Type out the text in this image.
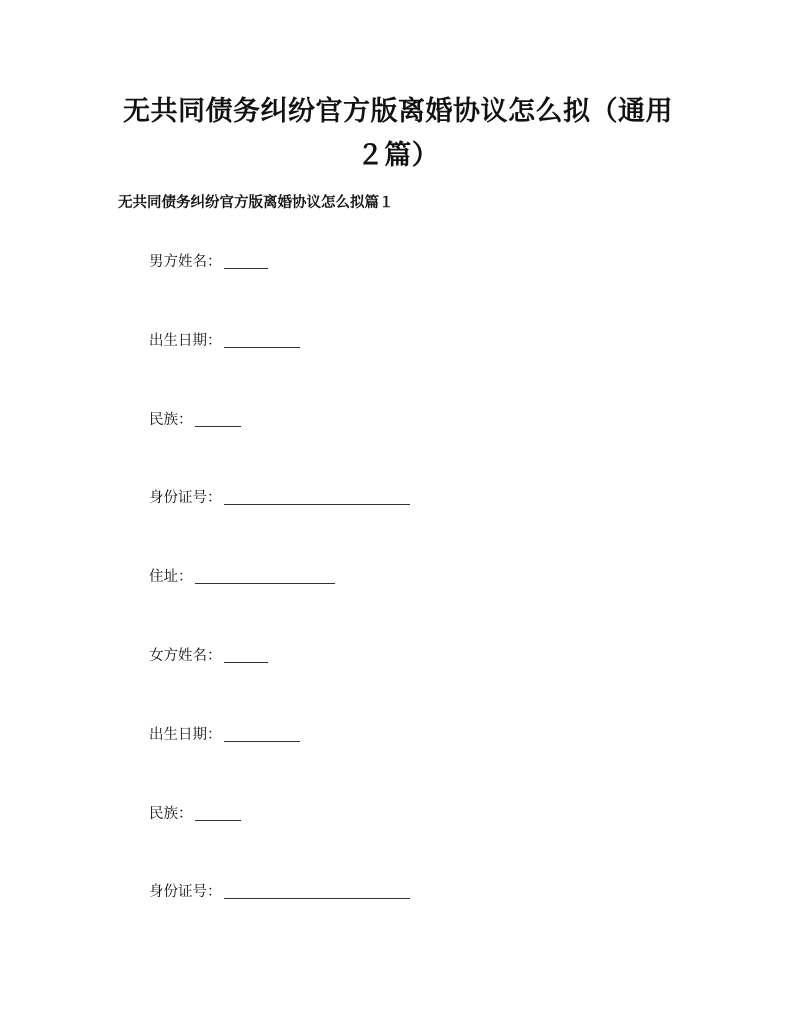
无共同债务纠纷官方版离婚协议怎么拟（通用２篇）
无共同债务纠纷官方版离婚协议怎么拟篇１
男方姓名：
出生日期：
民族：
身份证号：
住址：
女方姓名：
出生日期：
民族：
身份证号：
